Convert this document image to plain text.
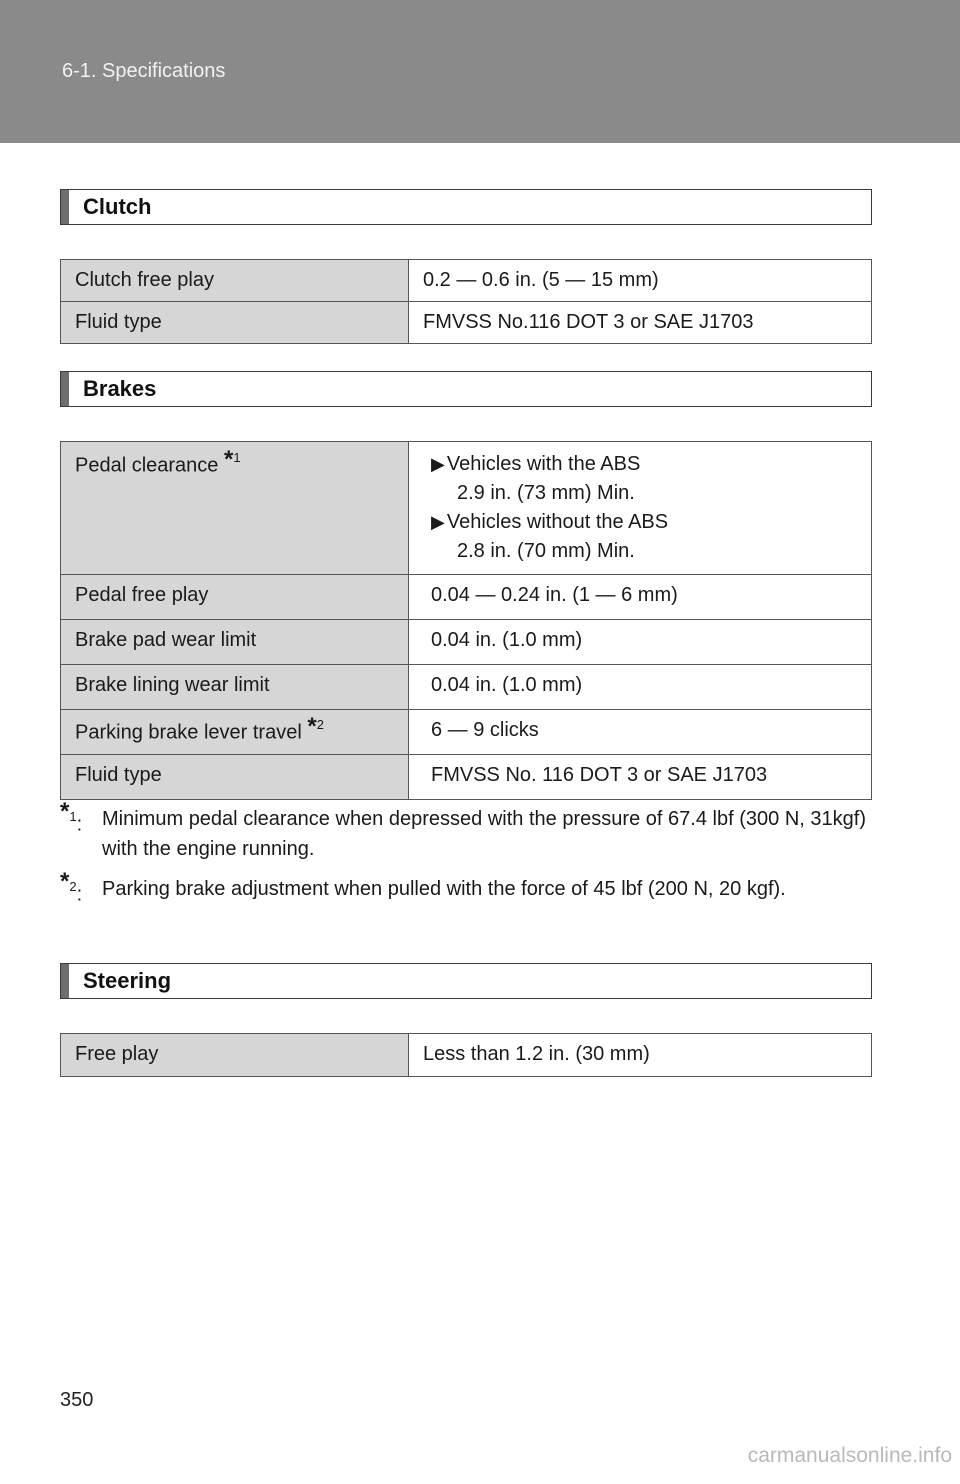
6-1. Specifications
Clutch
Clutch free play	0.2 — 0.6 in. (5 — 15 mm)
Fluid type	FMVSS No.116 DOT 3 or SAE J1703
Brakes
Pedal clearance *$^1$	▶ Vehicles with the ABS
2.9 in. (73 mm) Min.
▶ Vehicles without the ABS
2.8 in. (70 mm) Min.

Pedal free play	0.04 — 0.24 in. (1 — 6 mm)
Brake pad wear limit	0.04 in. (1.0 mm)
Brake lining wear limit	0.04 in. (1.0 mm)
Parking brake lever travel *$^2$	6 — 9 clicks
Fluid type	FMVSS No. 116 DOT 3 or SAE J1703
*$^1$: Minimum pedal clearance when depressed with the pressure of 67.4 lbf (300 N, 31kgf) with the engine running.
*$^2$: Parking brake adjustment when pulled with the force of 45 lbf (200 N, 20 kgf).
Steering
Free play	Less than 1.2 in. (30 mm)
350
carmanualsonline.info
